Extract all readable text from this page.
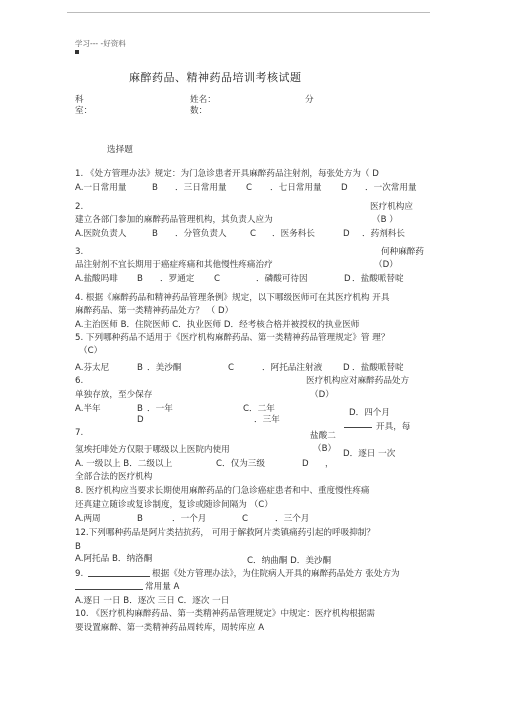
学习--- -好资料
麻醉药品、精神药品培训考核试题
科
室：
姓名：	分
数：
选择题
1. 《处方管理办法》规定：为门急诊患者开具麻醉药品注射剂，每张处方为（ D
A.一日常用量	B ．三日常用量 C ．七日常用量 D ．一次常用量
2.	医疗机构应
建立各部门参加的麻醉药品管理机构，其负责人应为	（B ）
A.医院负责人	B ．分管负责人	C ．医务科长	D ．药剂科长
3.	何种麻醉药
品注射剂不宜长期用于癌症疼痛和其他慢性疼痛治疗	（D）
A.盐酸吗啡 B ．罗通定 C	．磷酸可待因	D ．盐酸哌替啶
4. 根据《麻醉药品和精神药品管理条例》规定，以下哪级医师可在其医疗机构 开具
麻醉药品、第一类精神药品处方？ （ D）
A.主治医师 B．住院医师 C．执业医师 D．经考核合格并被授权的执业医师
5. 下列哪种药品不适用于《医疗机构麻醉药品、第一类精神药品管理规定》管 理？
（C）
A.芬太尼	B ．美沙酮	C	．阿托品注射液 D ．盐酸哌替啶
6.	医疗机构应对麻醉药品处方
单独存放，至少保存	（D）
A.半年	B ．一年	C．二年
D	．三年
D．四个月
开具，每
7.	盐酸二
氢埃托啡处方仅限于哪级以上医院内使用	（B） D．逐日 一次
A. 一级以上 B．二级以上	C．仅为三级	D ，
全部合法的医疗机构
8. 医疗机构应当要求长期使用麻醉药品的门急诊癌症患者和中、重度慢性疼痛
还真建立随诊或复诊制度，复诊或随诊间隔为 （C）
A.两周	B	．一个月	C	．三个月
12.下列哪种药品是阿片类拮抗药， 可用于解救阿片类镇痛药引起的呼吸抑制？
B
A.阿托品 B．纳洛酮	C．纳曲酮 D．美沙酮
9.	根据《处方管理办法》，为住院病人开具的麻醉药品处方 张处方为
常用量 A
A.逐日 一日 B．逐次 三日 C．逐次 一日
10. 《医疗机构麻醉药品、第一类精神药品管理规定》中规定：医疗机构根据需
要设置麻醉、第一类精神药品周转库，周转库应 A
